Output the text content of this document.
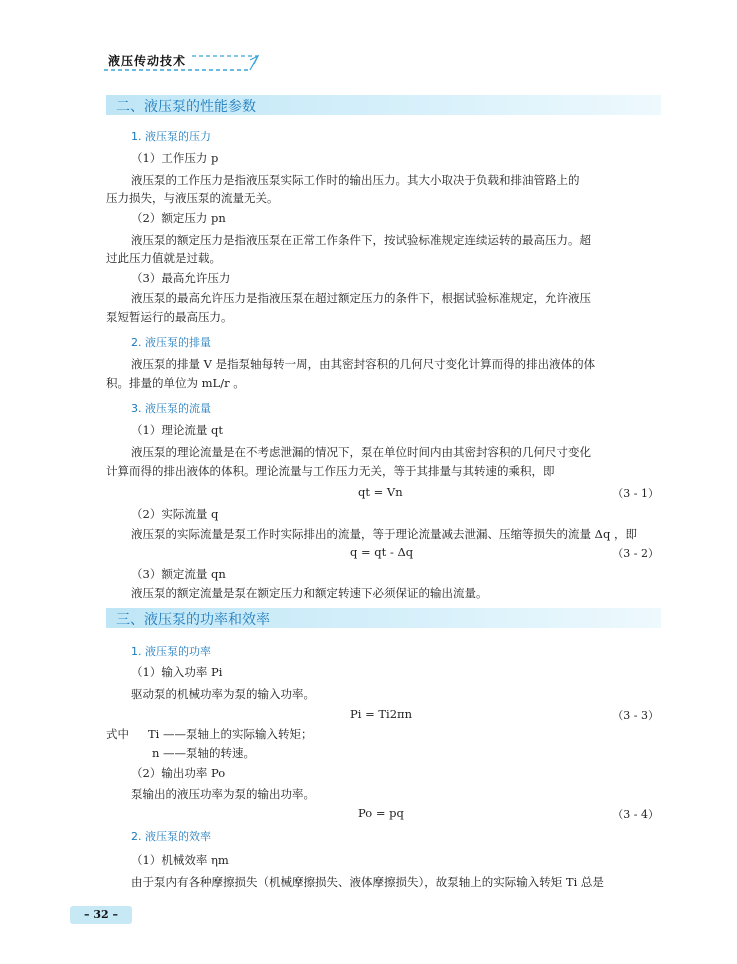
液压传动技术
二、液压泵的性能参数
1. 液压泵的压力
（1）工作压力 p
液压泵的工作压力是指液压泵实际工作时的输出压力。其大小取决于负载和排油管路上的
压力损失，与液压泵的流量无关。
（2）额定压力 pn
液压泵的额定压力是指液压泵在正常工作条件下，按试验标准规定连续运转的最高压力。超
过此压力值就是过载。
（3）最高允许压力
液压泵的最高允许压力是指液压泵在超过额定压力的条件下，根据试验标准规定，允许液压
泵短暂运行的最高压力。
2. 液压泵的排量
液压泵的排量 V 是指泵轴每转一周，由其密封容积的几何尺寸变化计算而得的排出液体的体
积。排量的单位为 mL/r 。
3. 液压泵的流量
（1）理论流量 qt
液压泵的理论流量是在不考虑泄漏的情况下，泵在单位时间内由其密封容积的几何尺寸变化
计算而得的排出液体的体积。理论流量与工作压力无关，等于其排量与其转速的乘积，即
qt = Vn	（3 - 1）
（2）实际流量 q
液压泵的实际流量是泵工作时实际排出的流量，等于理论流量减去泄漏、压缩等损失的流量 Δq ，即
q = qt - Δq	（3 - 2）
（3）额定流量 qn
液压泵的额定流量是泵在额定压力和额定转速下必须保证的输出流量。
三、液压泵的功率和效率
1. 液压泵的功率
（1）输入功率 Pi
驱动泵的机械功率为泵的输入功率。
Pi = Ti2πn	（3 - 3）
式中 Ti ——泵轴上的实际输入转矩；
n ——泵轴的转速。
（2）输出功率 Po
泵输出的液压功率为泵的输出功率。
Po = pq	（3 - 4）
2. 液压泵的效率
（1）机械效率 ηm
由于泵内有各种摩擦损失（机械摩擦损失、液体摩擦损失），故泵轴上的实际输入转矩 Ti 总是
– 32 –
